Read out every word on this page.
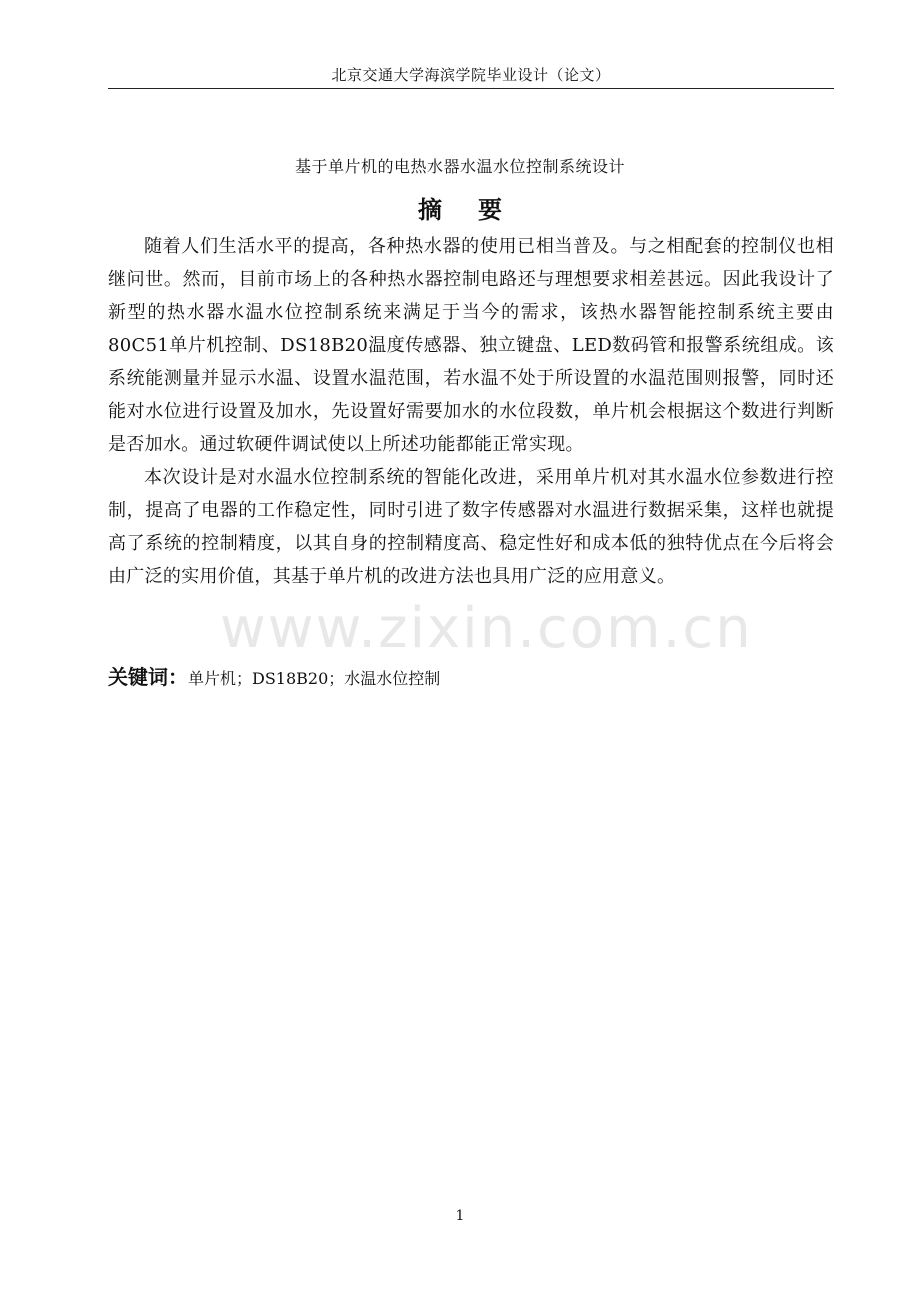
北京交通大学海滨学院毕业设计（论文）
基于单片机的电热水器水温水位控制系统设计
摘要

随着人们生活水平的提高，各种热水器的使用已相当普及。与之相配套的控制仪也相继问世。然而，目前市场上的各种热水器控制电路还与理想要求相差甚远。因此我设计了新型的热水器水温水位控制系统来满足于当今的需求，该热水器智能控制系统主要由80C51单片机控制、DS18B20温度传感器、独立键盘、LED数码管和报警系统组成。该系统能测量并显示水温、设置水温范围，若水温不处于所设置的水温范围则报警，同时还能对水位进行设置及加水，先设置好需要加水的水位段数，单片机会根据这个数进行判断是否加水。通过软硬件调试使以上所述功能都能正常实现。

本次设计是对水温水位控制系统的智能化改进，采用单片机对其水温水位参数进行控制，提高了电器的工作稳定性，同时引进了数字传感器对水温进行数据采集，这样也就提高了系统的控制精度，以其自身的控制精度高、稳定性好和成本低的独特优点在今后将会由广泛的实用价值，其基于单片机的改进方法也具用广泛的应用意义。

www.zixin.com.cn
关键词：单片机；DS18B20；水温水位控制
1
